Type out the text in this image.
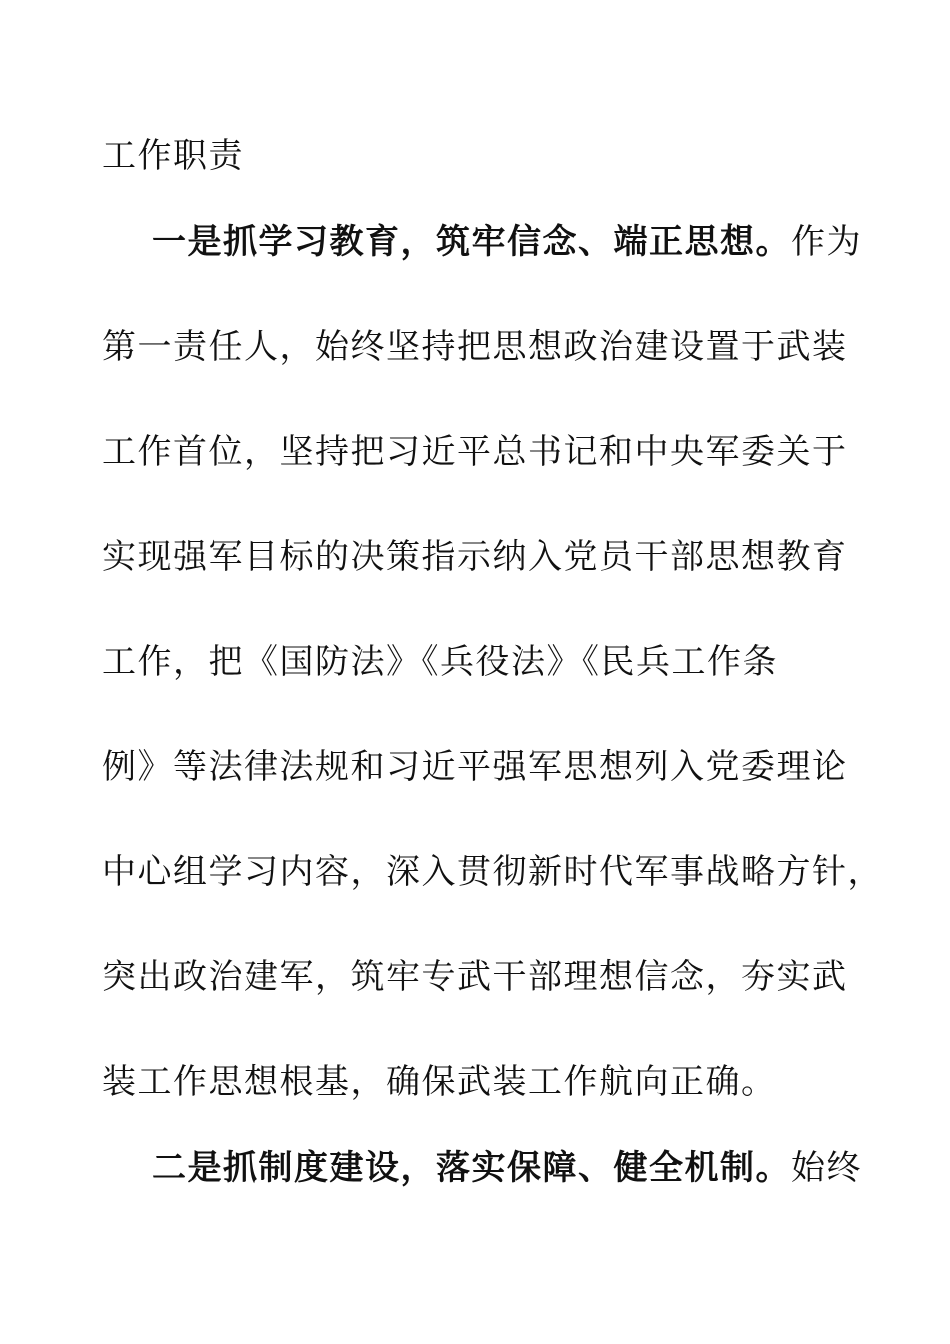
工作职责
一是抓学习教育，筑牢信念、端正思想。作为
第一责任人，始终坚持把思想政治建设置于武装
工作首位，坚持把习近平总书记和中央军委关于
实现强军目标的决策指示纳入党员干部思想教育
工作，把《国防法》《兵役法》《民兵工作条
例》等法律法规和习近平强军思想列入党委理论
中心组学习内容，深入贯彻新时代军事战略方针，
突出政治建军，筑牢专武干部理想信念，夯实武
装工作思想根基，确保武装工作航向正确。
二是抓制度建设，落实保障、健全机制。始终
